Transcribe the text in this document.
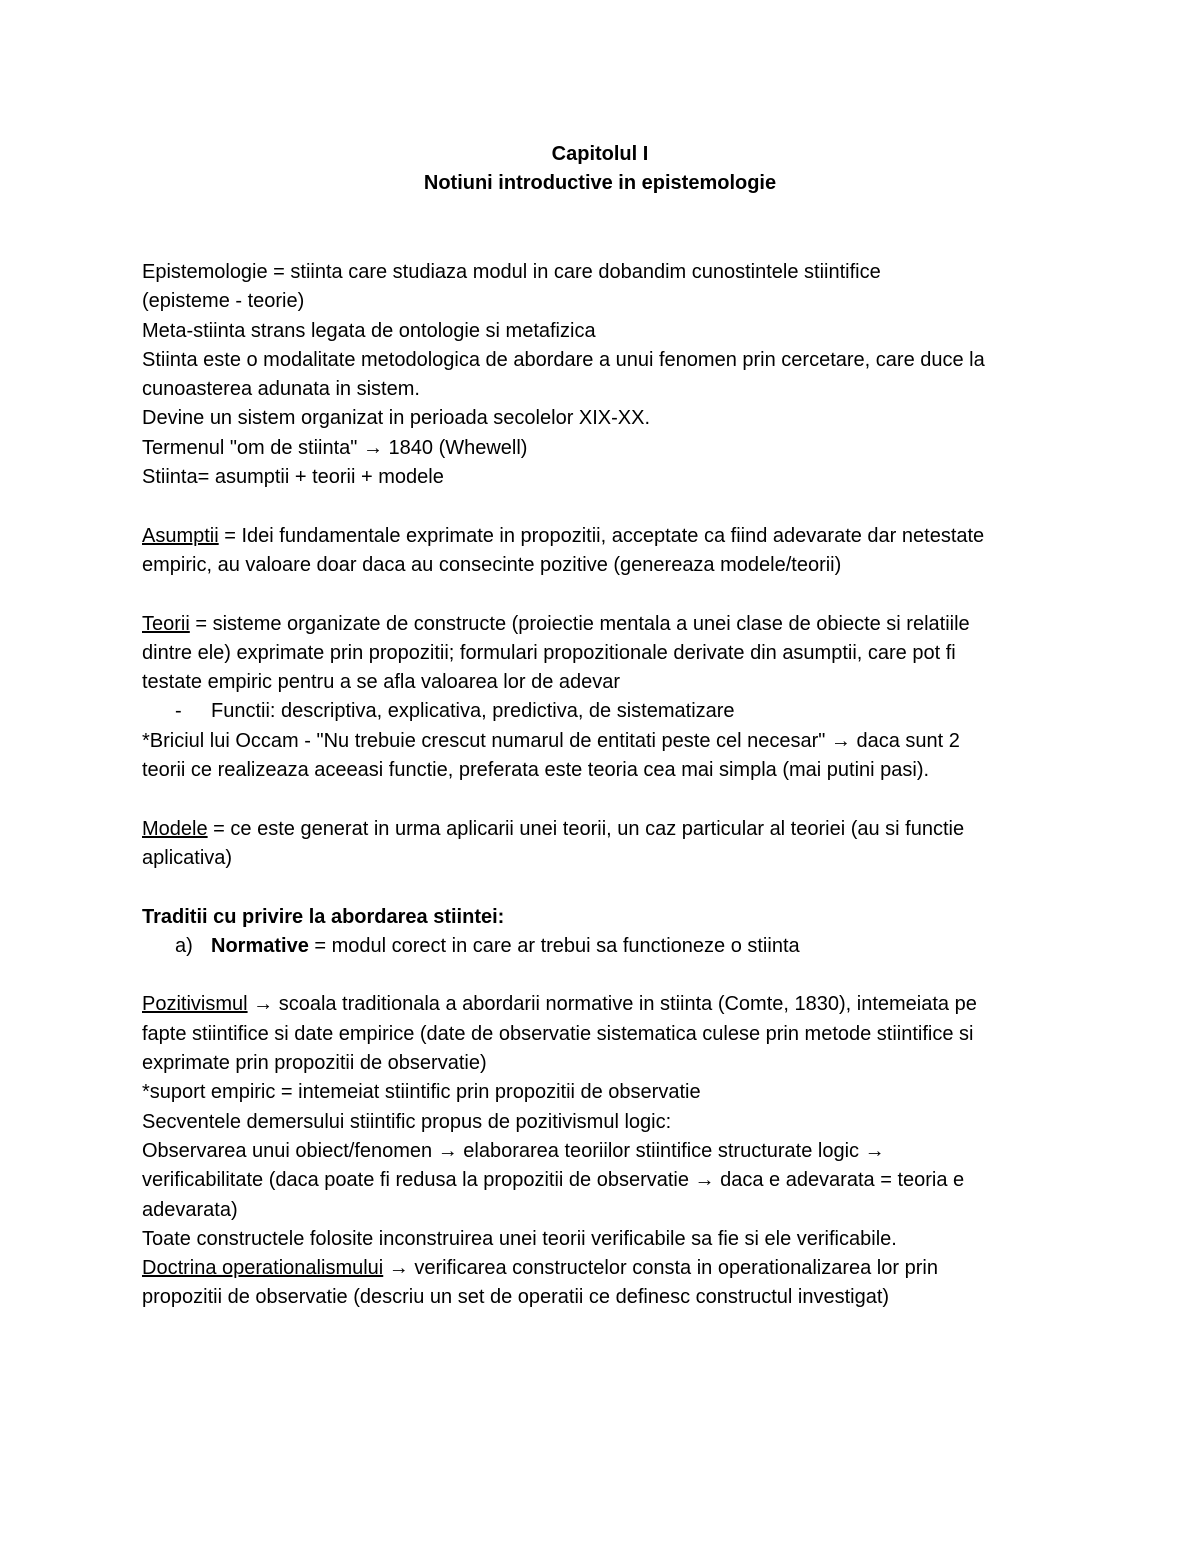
Capitolul I
Notiuni introductive in epistemologie

Epistemologie = stiinta care studiaza modul in care dobandim cunostintele stiintifice

(episteme - teorie)

Meta-stiinta strans legata de ontologie si metafizica

Stiinta este o modalitate metodologica de abordare a unui fenomen prin cercetare, care duce la

cunoasterea adunata in sistem.

Devine un sistem organizat in perioada secolelor XIX-XX.

Termenul "om de stiinta" → 1840 (Whewell)

Stiinta= asumptii + teorii + modele

Asumptii = Idei fundamentale exprimate in propozitii, acceptate ca fiind adevarate dar netestate

empiric, au valoare doar daca au consecinte pozitive (genereaza modele/teorii)

Teorii = sisteme organizate de constructe (proiectie mentala a unei clase de obiecte si relatiile

dintre ele) exprimate prin propozitii; formulari propozitionale derivate din asumptii, care pot fi

testate empiric pentru a se afla valoarea lor de adevar

- Functii: descriptiva, explicativa, predictiva, de sistematizare

*Briciul lui Occam - "Nu trebuie crescut numarul de entitati peste cel necesar" → daca sunt 2

teorii ce realizeaza aceeasi functie, preferata este teoria cea mai simpla (mai putini pasi).

Modele = ce este generat in urma aplicarii unei teorii, un caz particular al teoriei (au si functie

aplicativa)

Traditii cu privire la abordarea stiintei:

a) Normative = modul corect in care ar trebui sa functioneze o stiinta

Pozitivismul → scoala traditionala a abordarii normative in stiinta (Comte, 1830), intemeiata pe

fapte stiintifice si date empirice (date de observatie sistematica culese prin metode stiintifice si

exprimate prin propozitii de observatie)

*suport empiric = intemeiat stiintific prin propozitii de observatie

Secventele demersului stiintific propus de pozitivismul logic:

Observarea unui obiect/fenomen → elaborarea teoriilor stiintifice structurate logic →

verificabilitate (daca poate fi redusa la propozitii de observatie → daca e adevarata = teoria e

adevarata)

Toate constructele folosite inconstruirea unei teorii verificabile sa fie si ele verificabile.

Doctrina operationalismului → verificarea constructelor consta in operationalizarea lor prin

propozitii de observatie (descriu un set de operatii ce definesc constructul investigat)
